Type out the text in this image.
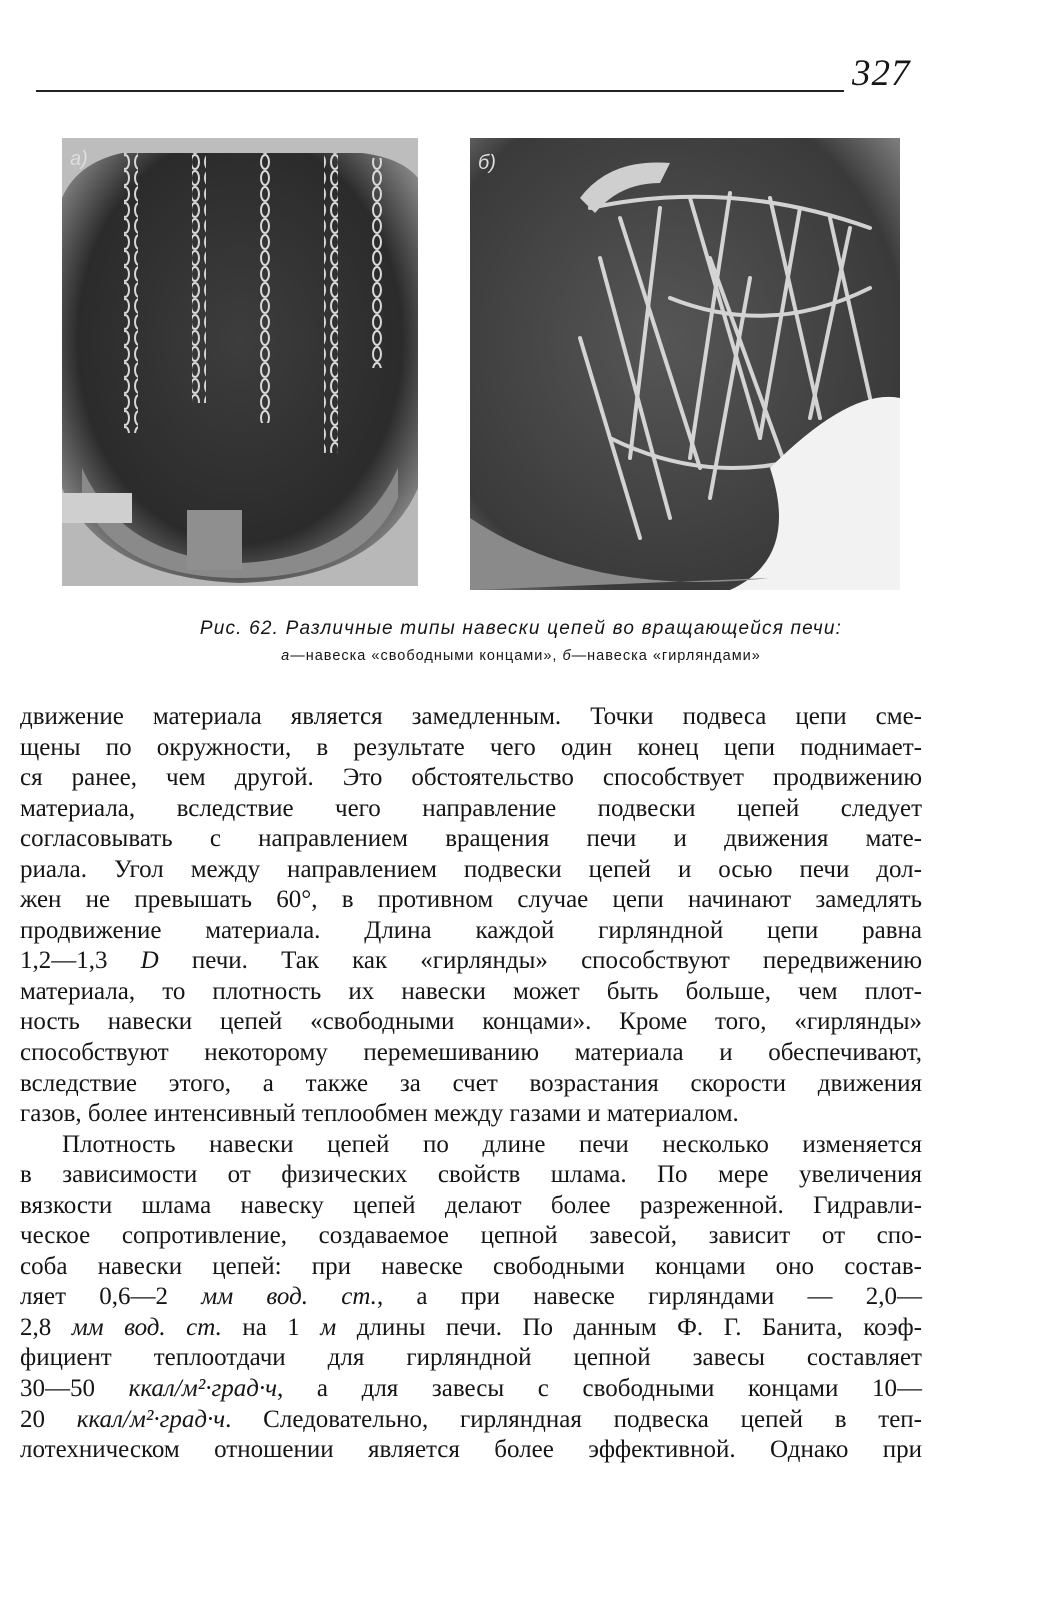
327
а)	б)
Рис. 62. Различные типы навески цепей во вращающейся печи:
а—навеска «свободными концами», б—навеска «гирляндами»
движение материала является замедленным. Точки подвеса цепи сме-
щены по окружности, в результате чего один конец цепи поднимает-
ся ранее, чем другой. Это обстоятельство способствует продвижению
материала, вследствие чего направление подвески цепей следует
согласовывать с направлением вращения печи и движения мате-
риала. Угол между направлением подвески цепей и осью печи дол-
жен не превышать 60°, в противном случае цепи начинают замедлять
продвижение материала. Длина каждой гирляндной цепи равна
1,2—1,3 D печи. Так как «гирлянды» способствуют передвижению
материала, то плотность их навески может быть больше, чем плот-
ность навески цепей «свободными концами». Кроме того, «гирлянды»
способствуют некоторому перемешиванию материала и обеспечивают,
вследствие этого, а также за счет возрастания скорости движения
газов, более интенсивный теплообмен между газами и материалом.
Плотность навески цепей по длине печи несколько изменяется
в зависимости от физических свойств шлама. По мере увеличения
вязкости шлама навеску цепей делают более разреженной. Гидравли-
ческое сопротивление, создаваемое цепной завесой, зависит от спо-
соба навески цепей: при навеске свободными концами оно состав-
ляет 0,6—2 мм вод. ст., а при навеске гирляндами — 2,0—
2,8 мм вод. ст. на 1 м длины печи. По данным Ф. Г. Банита, коэф-
фициент теплоотдачи для гирляндной цепной завесы составляет
30—50 ккал/м²·град·ч, а для завесы с свободными концами 10—
20 ккал/м²·град·ч. Следовательно, гирляндная подвеска цепей в теп-
лотехническом отношении является более эффективной. Однако при
